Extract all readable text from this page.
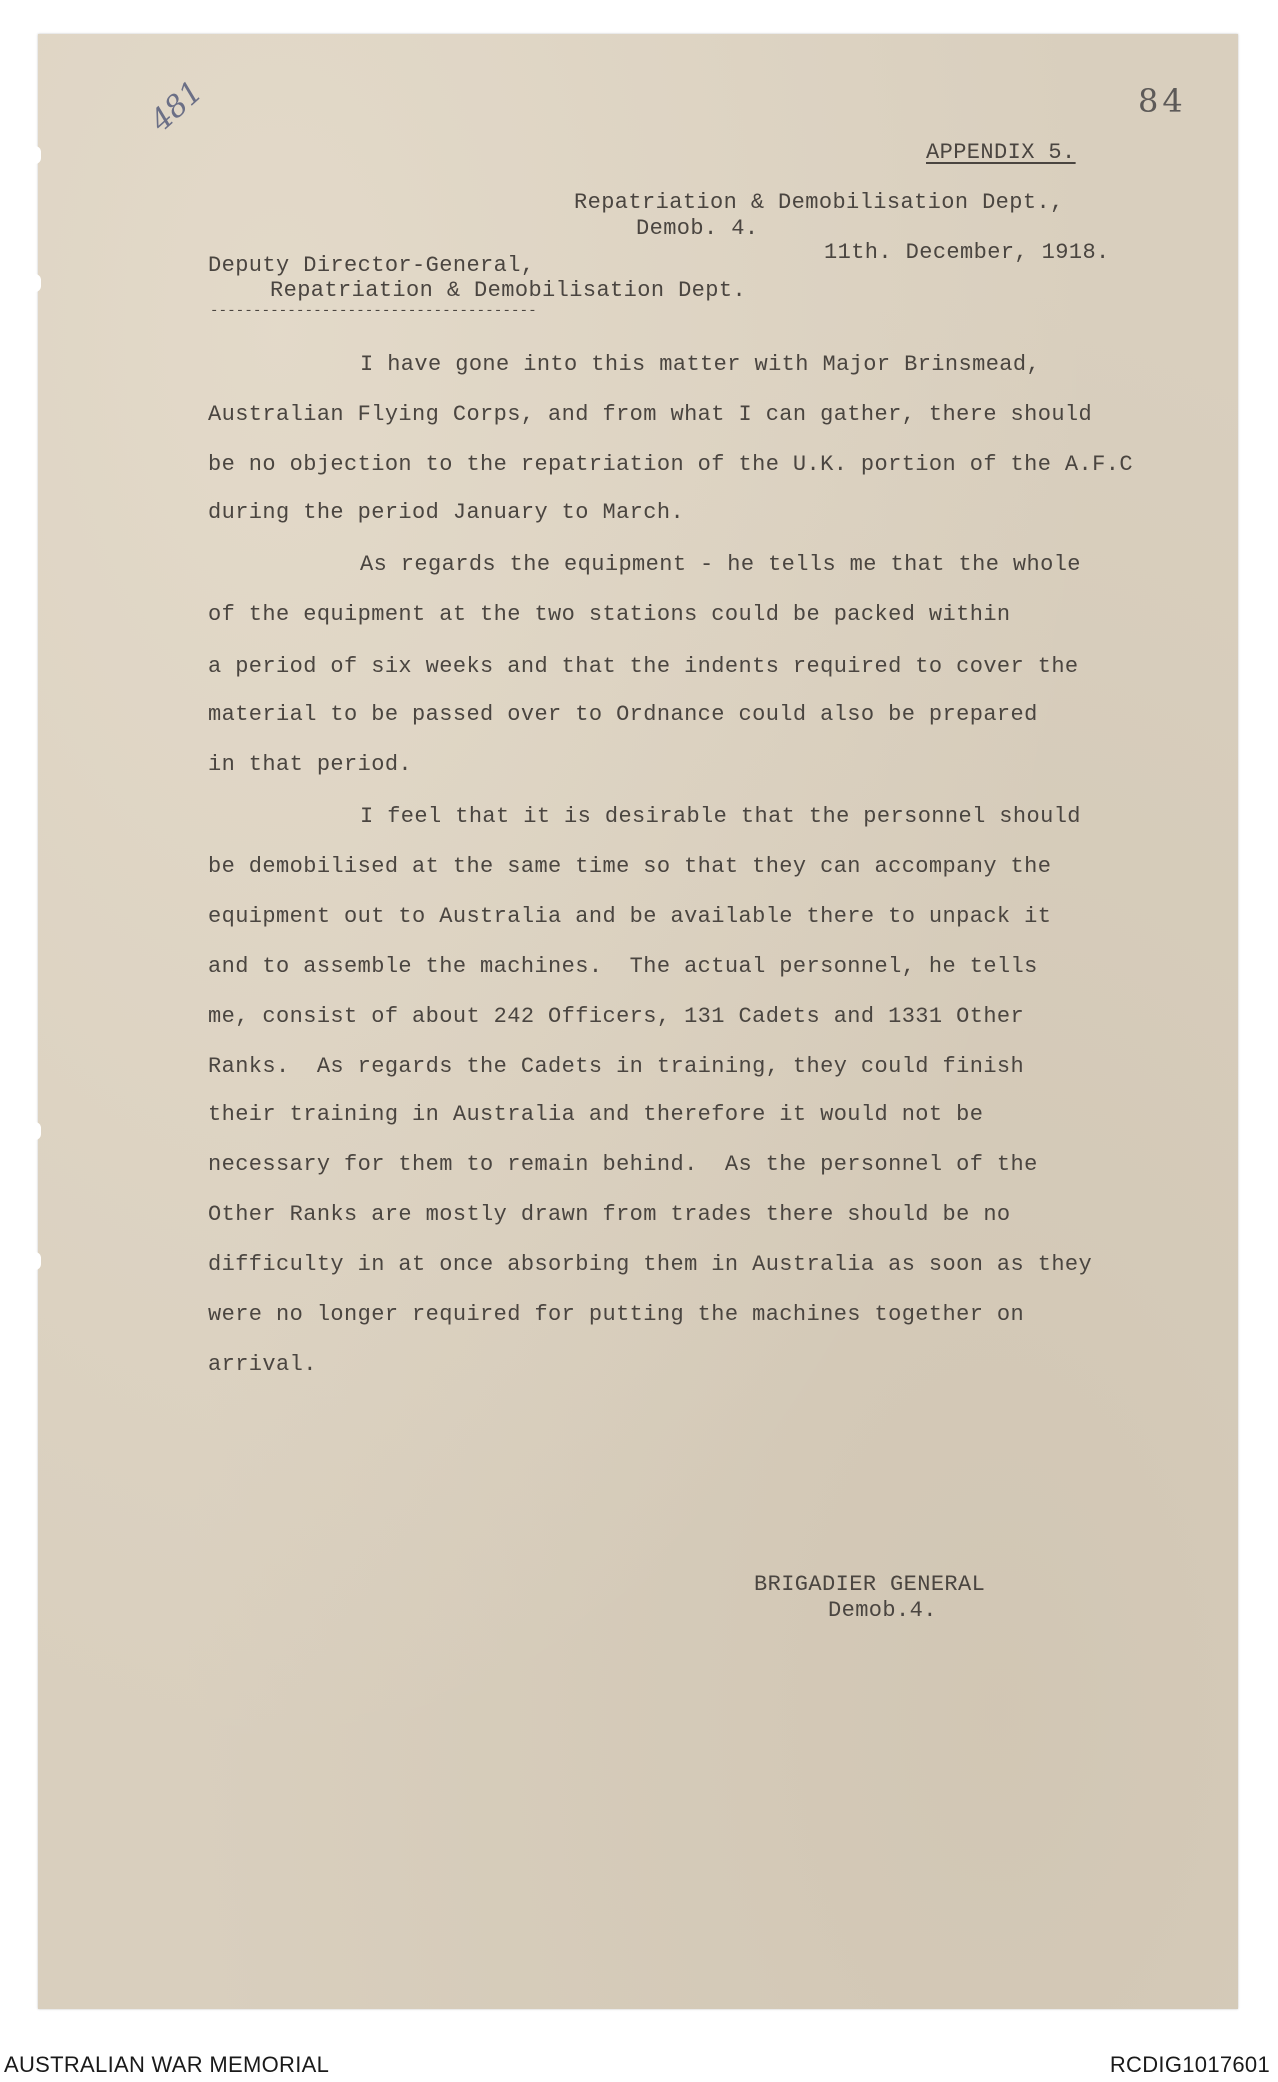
481	84
APPENDIX 5.
Repatriation & Demobilisation Dept.,
Demob. 4.
11th. December, 1918.
Deputy Director-General,
Repatriation & Demobilisation Dept.
--------------------------------------
I have gone into this matter with Major Brinsmead,
Australian Flying Corps, and from what I can gather, there should
be no objection to the repatriation of the U.K. portion of the A.F.C
during the period January to March.
As regards the equipment - he tells me that the whole
of the equipment at the two stations could be packed within
a period of six weeks and that the indents required to cover the
material to be passed over to Ordnance could also be prepared
in that period.
I feel that it is desirable that the personnel should
be demobilised at the same time so that they can accompany the
equipment out to Australia and be available there to unpack it
and to assemble the machines.  The actual personnel, he tells
me, consist of about 242 Officers, 131 Cadets and 1331 Other
Ranks.  As regards the Cadets in training, they could finish
their training in Australia and therefore it would not be
necessary for them to remain behind.  As the personnel of the
Other Ranks are mostly drawn from trades there should be no
difficulty in at once absorbing them in Australia as soon as they
were no longer required for putting the machines together on
arrival.
BRIGADIER GENERAL
Demob.4.
AUSTRALIAN WAR MEMORIAL	RCDIG1017601
